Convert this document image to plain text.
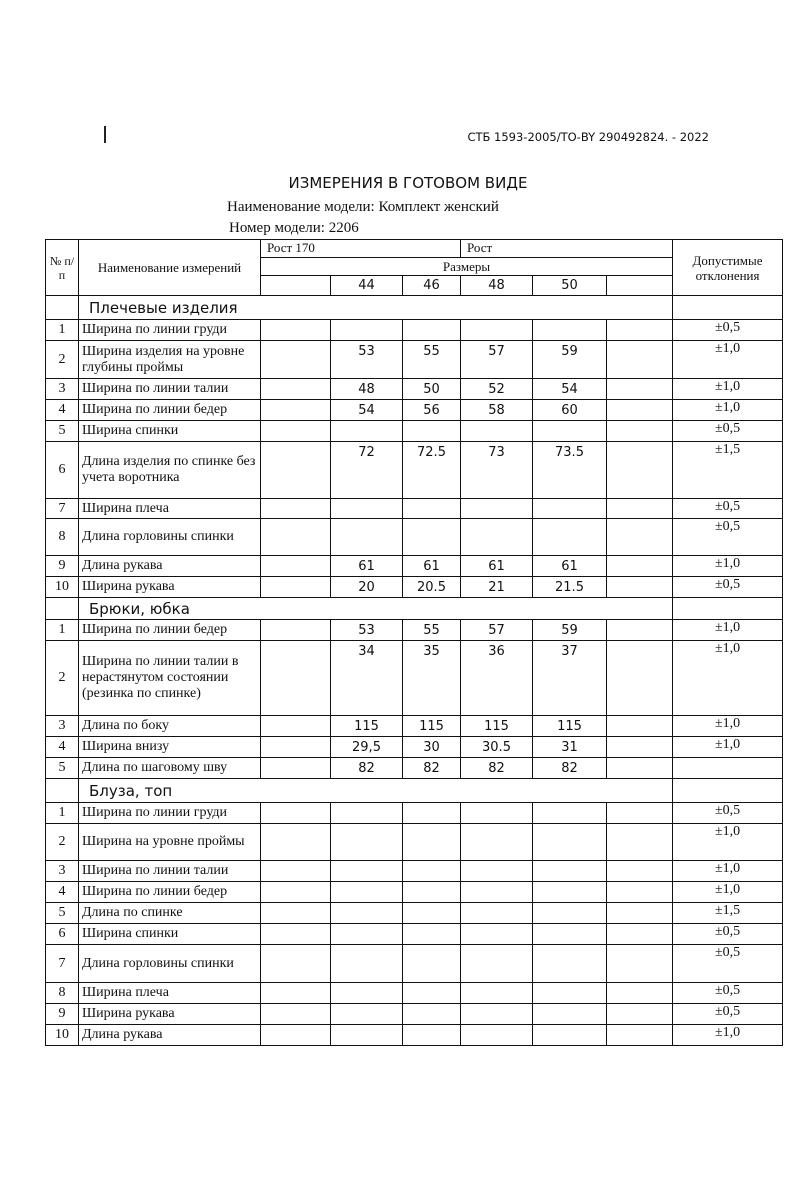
СТБ 1593-2005/ТО-BY 290492824. - 2022
ИЗМЕРЕНИЯ В ГОТОВОМ ВИДЕ
Наименование модели: Комплект женский
Номер модели: 2206
№ п/ п	Наименование измерений	Рост 170			Рост			Допустимые отклонения
		Размеры						
			44	46	48	50		
	Плечевые изделия							
1	Ширина по линии груди							±0,5
2	Ширина изделия на уровне глубины проймы		53	55	57	59		±1,0
3	Ширина по линии талии		48	50	52	54		±1,0
4	Ширина по линии бедер		54	56	58	60		±1,0
5	Ширина спинки							±0,5
6	Длина изделия по спинке без учета воротника		72	72.5	73	73.5		±1,5
7	Ширина плеча							±0,5
8	Длина горловины спинки							±0,5
9	Длина рукава		61	61	61	61		±1,0
10	Ширина рукава		20	20.5	21	21.5		±0,5
	Брюки, юбка							
1	Ширина по линии бедер		53	55	57	59		±1,0
2	Ширина по линии талии в нерастянутом состоянии (резинка по спинке)		34	35	36	37		±1,0
3	Длина по боку		115	115	115	115		±1,0
4	Ширина внизу		29,5	30	30.5	31		±1,0
5	Длина по шаговому шву		82	82	82	82		
	Блуза, топ							
1	Ширина по линии груди							±0,5
2	Ширина на уровне проймы							±1,0
3	Ширина по линии талии							±1,0
4	Ширина по линии бедер							±1,0
5	Длина по спинке							±1,5
6	Ширина спинки							±0,5
7	Длина горловины спинки							±0,5
8	Ширина плеча							±0,5
9	Ширина рукава							±0,5
10	Длина рукава							±1,0
